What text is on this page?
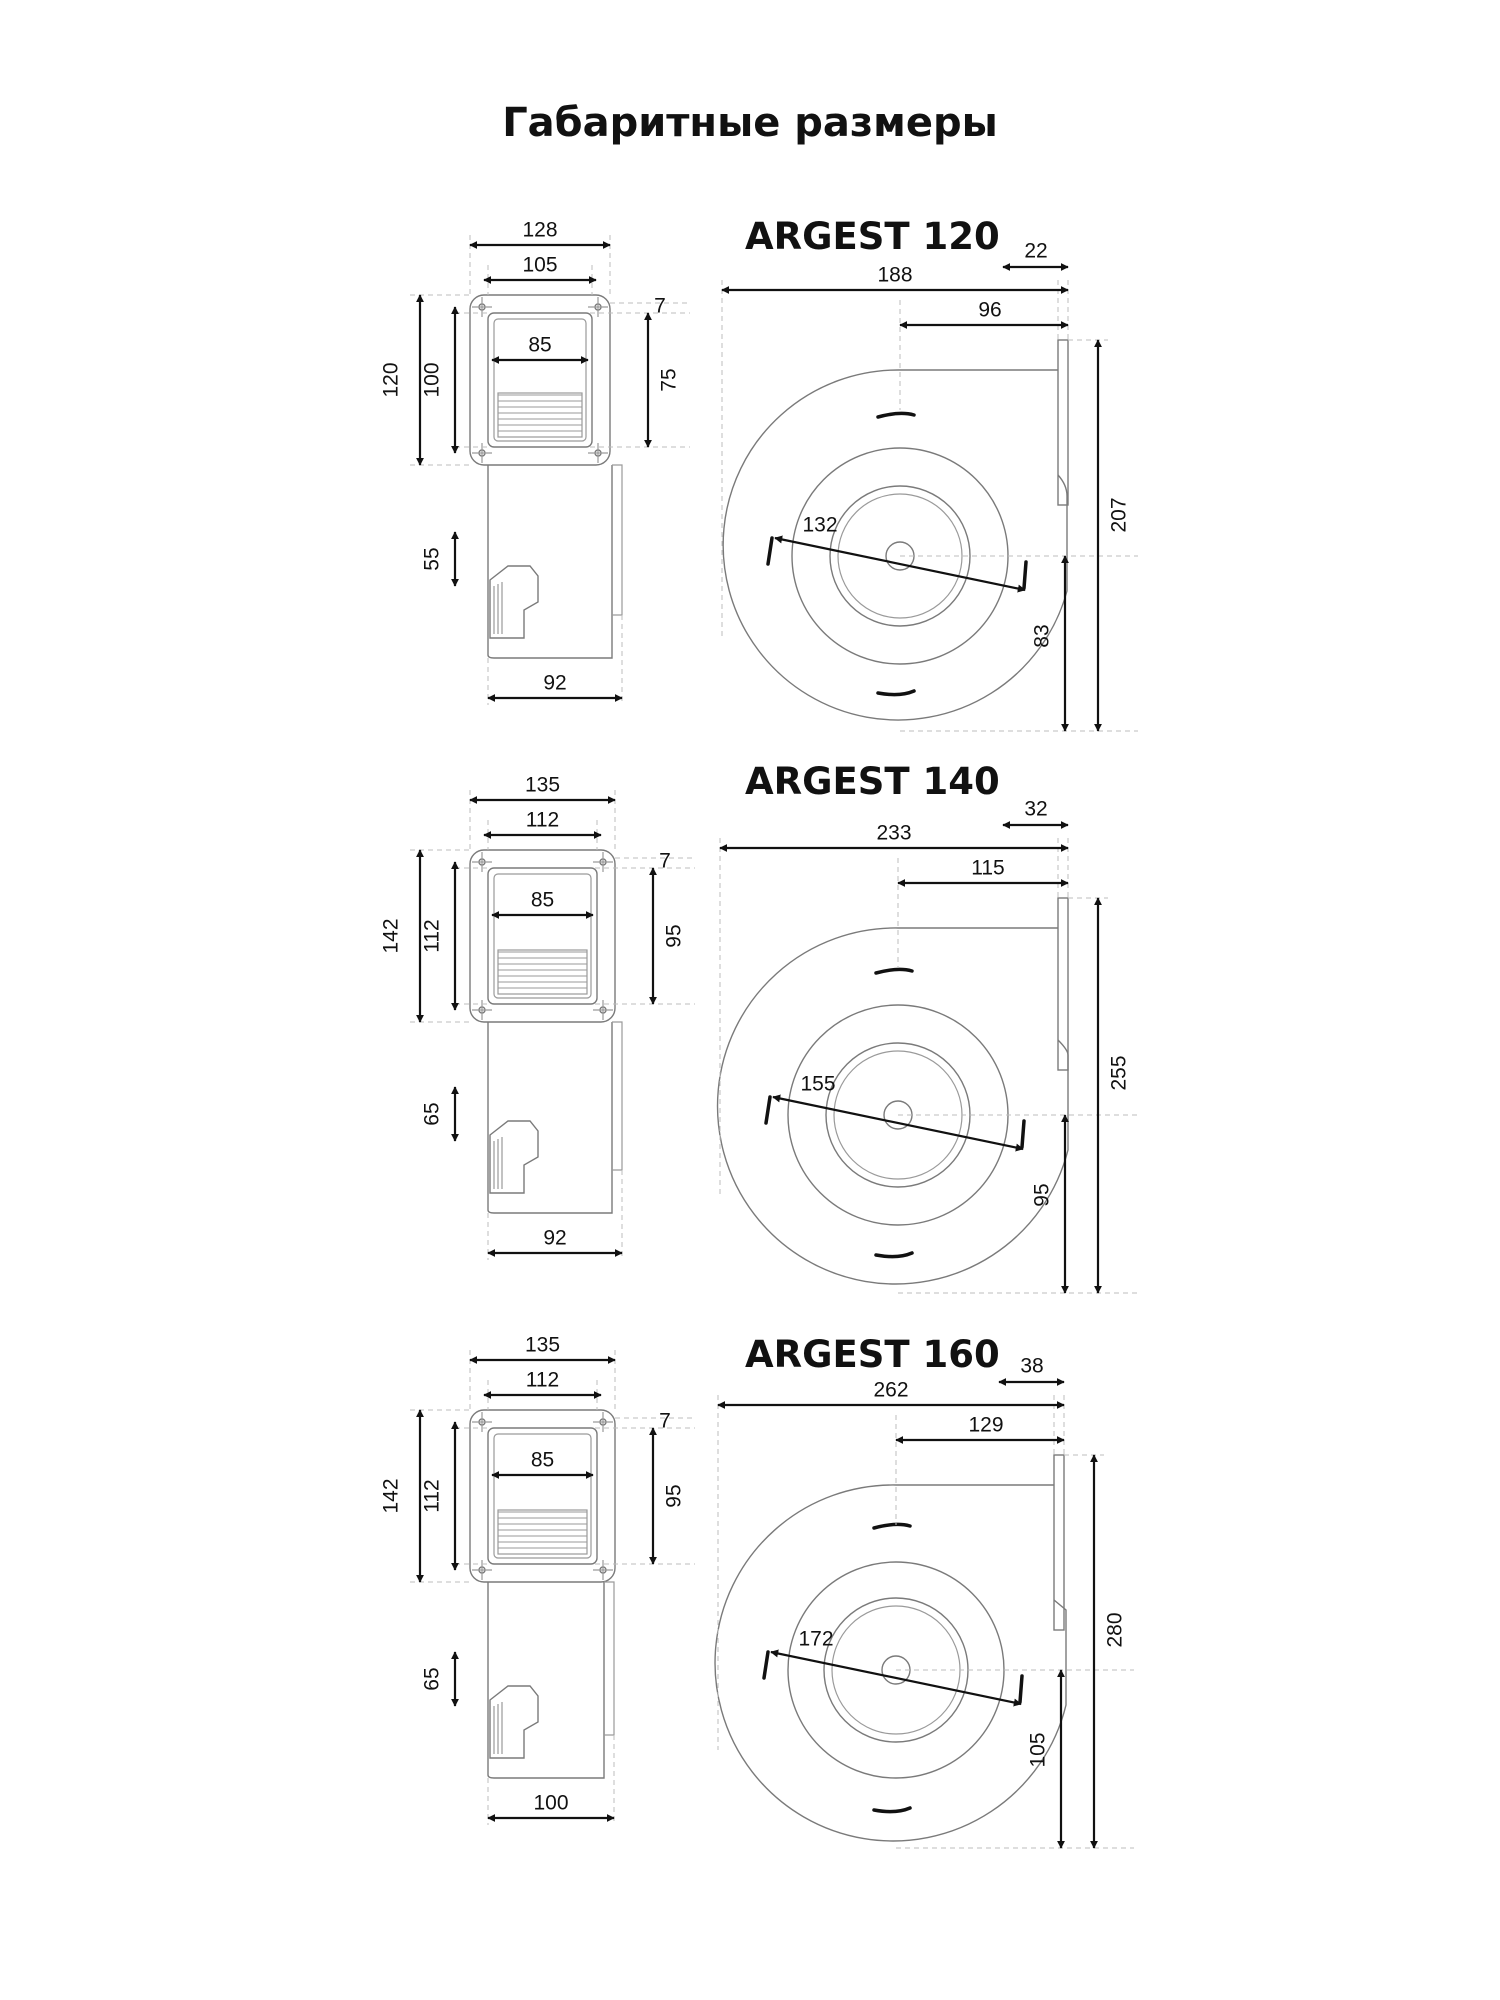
Габаритные размеры
ARGEST 120
ARGEST 140
ARGEST 160
128
105
85
120 100	75
7
55
92
132
188
22
96
207
83
135
112
85
142 112	95
7
65
92
155
233
32
115
255
95
135
112
85
142 112	95
7
65
100
172
262
38
129
280
105
